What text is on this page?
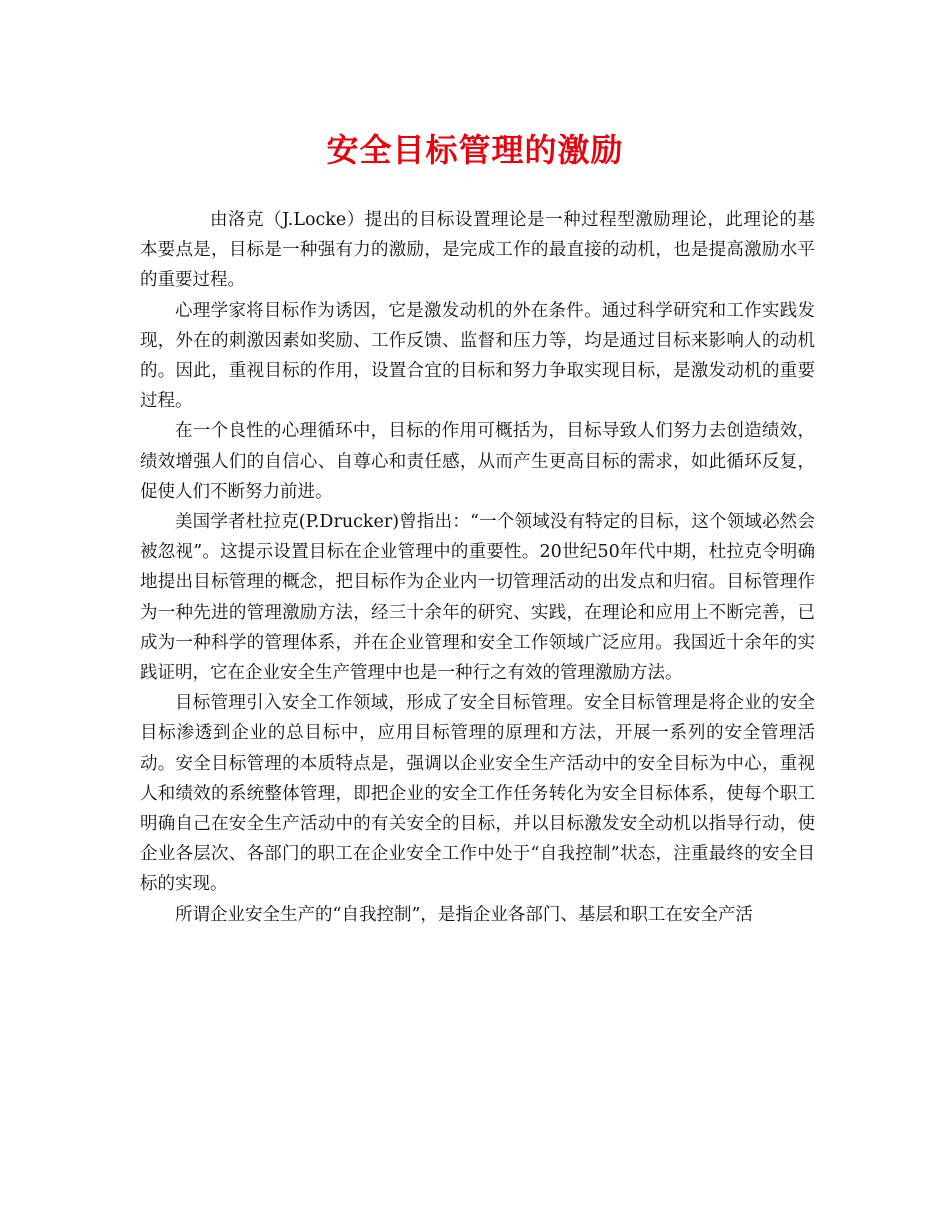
安全目标管理的激励

由洛克（J.Locke）提出的目标设置理论是一种过程型激励理论，此理论的基本要点是，目标是一种强有力的激励，是完成工作的最直接的动机，也是提高激励水平的重要过程。

心理学家将目标作为诱因，它是激发动机的外在条件。通过科学研究和工作实践发现，外在的刺激因素如奖励、工作反馈、监督和压力等，均是通过目标来影响人的动机的。因此，重视目标的作用，设置合宜的目标和努力争取实现目标，是激发动机的重要过程。

在一个良性的心理循环中，目标的作用可概括为，目标导致人们努力去创造绩效，绩效增强人们的自信心、自尊心和责任感，从而产生更高目标的需求，如此循环反复，促使人们不断努力前进。

美国学者杜拉克(P.Drucker)曾指出：“一个领域没有特定的目标，这个领域必然会被忽视”。这提示设置目标在企业管理中的重要性。20世纪50年代中期，杜拉克令明确地提出目标管理的概念，把目标作为企业内一切管理活动的出发点和归宿。目标管理作为一种先进的管理激励方法，经三十余年的研究、实践，在理论和应用上不断完善，已成为一种科学的管理体系，并在企业管理和安全工作领域广泛应用。我国近十余年的实践证明，它在企业安全生产管理中也是一种行之有效的管理激励方法。

目标管理引入安全工作领域，形成了安全目标管理。安全目标管理是将企业的安全目标渗透到企业的总目标中，应用目标管理的原理和方法，开展一系列的安全管理活动。安全目标管理的本质特点是，强调以企业安全生产活动中的安全目标为中心，重视人和绩效的系统整体管理，即把企业的安全工作任务转化为安全目标体系，使每个职工明确自己在安全生产活动中的有关安全的目标，并以目标激发安全动机以指导行动，使企业各层次、各部门的职工在企业安全工作中处于“自我控制”状态，注重最终的安全目标的实现。

所谓企业安全生产的“自我控制”，是指企业各部门、基层和职工在安全产活
